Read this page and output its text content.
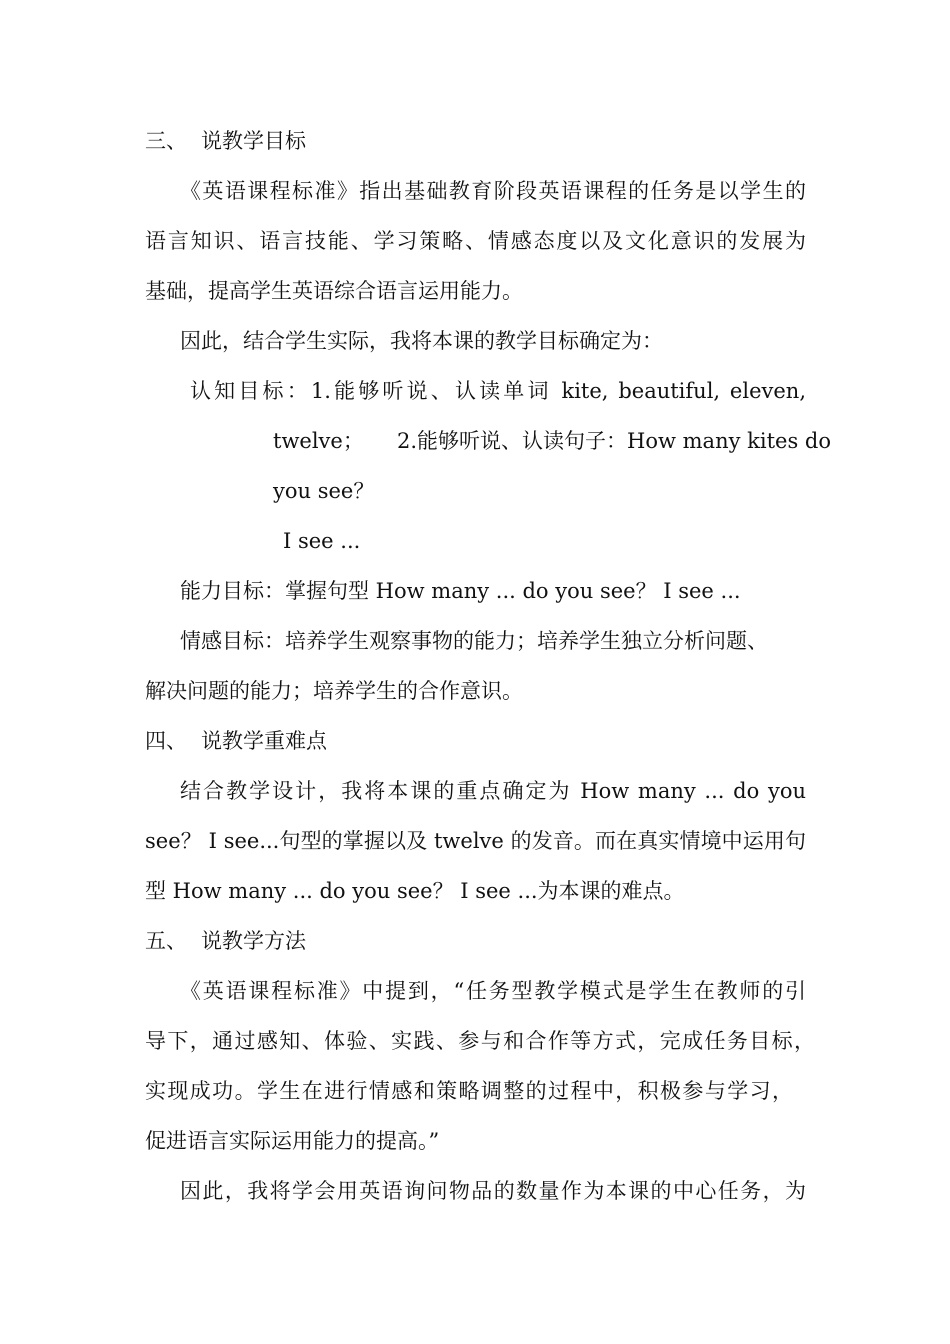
三、 说教学目标
《英语课程标准》指出基础教育阶段英语课程的任务是以学生的
语言知识、语言技能、学习策略、情感态度以及文化意识的发展为
基础，提高学生英语综合语言运用能力。
因此，结合学生实际，我将本课的教学目标确定为：
认知目标：1.能够听说、认读单词 kite, beautiful, eleven,
twelve； 2.能够听说、认读句子：How many kites do
you see？
I see ...
能力目标：掌握句型 How many ... do you see？ I see ...
情感目标：培养学生观察事物的能力；培养学生独立分析问题、
解决问题的能力；培养学生的合作意识。
四、 说教学重难点
结合教学设计，我将本课的重点确定为 How many ... do you
see？ I see...句型的掌握以及 twelve 的发音。而在真实情境中运用句
型 How many ... do you see？ I see ...为本课的难点。
五、 说教学方法
《英语课程标准》中提到，“任务型教学模式是学生在教师的引
导下，通过感知、体验、实践、参与和合作等方式，完成任务目标，
实现成功。学生在进行情感和策略调整的过程中，积极参与学习，
促进语言实际运用能力的提高。”
因此，我将学会用英语询问物品的数量作为本课的中心任务，为
